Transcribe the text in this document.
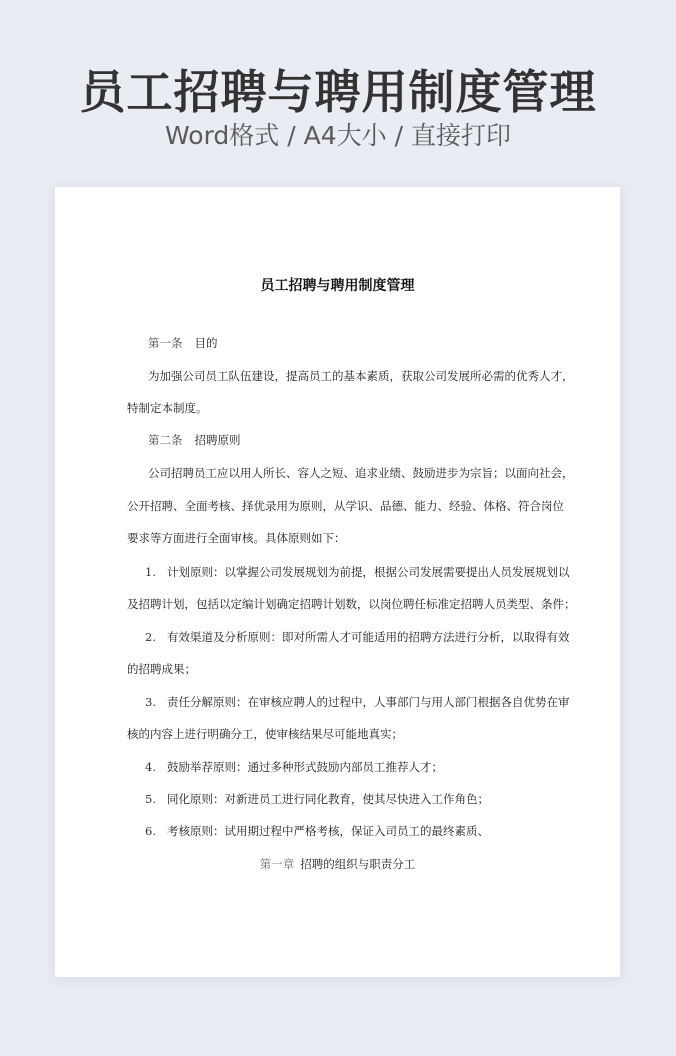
员工招聘与聘用制度管理
Word格式 / A4大小 / 直接打印
员工招聘与聘用制度管理
第一条 目的
为加强公司员工队伍建设，提高员工的基本素质，获取公司发展所必需的优秀人才，
特制定本制度。
第二条 招聘原则
公司招聘员工应以用人所长、容人之短、追求业绩、鼓励进步为宗旨；以面向社会，
公开招聘、全面考核、择优录用为原则，从学识、品德、能力、经验、体格、符合岗位
要求等方面进行全面审核。具体原则如下：
1. 计划原则：以掌握公司发展规划为前提，根据公司发展需要提出人员发展规划以
及招聘计划，包括以定编计划确定招聘计划数，以岗位聘任标准定招聘人员类型、条件；
2. 有效渠道及分析原则：即对所需人才可能适用的招聘方法进行分析，以取得有效
的招聘成果；
3. 责任分解原则：在审核应聘人的过程中，人事部门与用人部门根据各自优势在审
核的内容上进行明确分工，使审核结果尽可能地真实；
4. 鼓励举荐原则：通过多种形式鼓励内部员工推荐人才；
5. 同化原则：对新进员工进行同化教育，使其尽快进入工作角色；
6. 考核原则：试用期过程中严格考核，保证入司员工的最终素质、
第一章 招聘的组织与职责分工
